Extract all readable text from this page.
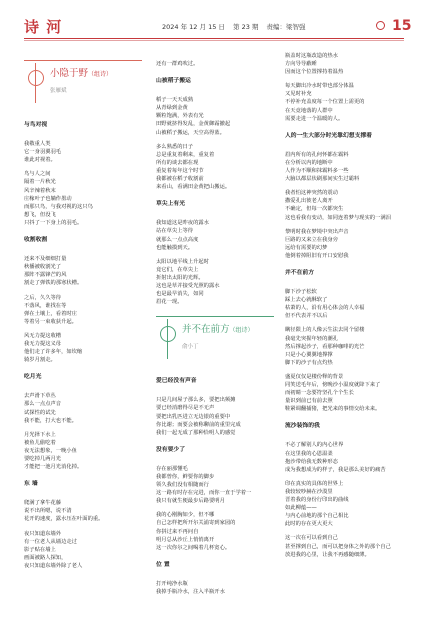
诗 河	2024 年 12 月 15 日 第 23 期 责编：梁智强	15
小隐于野（组诗）
张雁斌
与鸟对视
我敬重人类
它一身羽翼羽毛
谁此对视着。
鸟与人之间
隔着一片秋光
风辛辣着秋末
庄稼叶子也躺作墨动
而那只鸟，与我对视的这只鸟
想飞，但没飞
只抖了一下身上的羽毛。
收割收割
还来不及细细打量
秋播被收割光了
那阵不露锋芒的风
割走了弹铁的那寒状槽。
之后，久久等待
不落风，谁找在等
弹在土壤上，看着时庄
等着另一束收获升起。
风无力提这收槽
我无力提这义母
他们走了许多年，如坎缩
骑岁月割走。
吃月光
去声滑下草丛
那么一点点声音
试探性的试先
我不能，打大也不能。
月光择下水上
被鱼儿偷吃着
夜无法想象，一晚小鱼
要吃掉几两月光
才能把一池月光消化掉。
东 墙
爬满了拿牛花藤
说不出所嗯，说不清
花开的速度，露水压在叶面的重。
夜只知道东墙外
有一位老人从墙边走过
影子贴在墙上
画面被路人探知，
夜只知道东墙外除了老人
还有一群鸡吹过。
山被稻子搬运
稻子一天天成熟
从青绿到金黄
颗粒饱满，外表有光
田野就挤得发乱，金黄御霜撤起
山被稻子搬运，天空高得蓝。
多么熟悉的日子
总是重复着剩来，重复着
所有的谈去都在现
重复着每年这个时节
我都被在稻子收割前
来看山，看满田金黄把山搬运。
草尖上有光
我知道这是昨夜的露水
站在草尖上等待
就那么一点点高度
也能触摸到天。
太阳以地平线上升起时
竟它们，在草尖上
折射出太阳的光辉。
这也是草并接受光照的露水
也是最早消失，如同
眉花一现。
并不在前方（组诗）
俞小丁
爱已经没有声音
只是几间屋子那么多，要把出频摊
要已经消磨得尽是不无声
要把出乳匹进立无边银的重要中
你比谢；而要会被称聊前的重里完成
我们一起无成了那种恰明人的感觉
没有要少了
存在丽那懂毛
我都曾你，鲜要你的脚步
领久我们没有相随而行
这一路有时存在完进，而你一直于学着一
我只有就生便最步后路要明月
我的心刚胸如少，但不哪
自己怎样把所开尔关浦寄到家园的
你拼过来不再问自
明月总从沙丘上悄悄离开
这一次你尔之间喝着几杯宽心。
位 置
打开纯净水瓶
我掉手瓶冷水，注入半瓶开水
瓶盖时这瓶改造的热水
方向导导蔽睡
因而这个位置撑持着温热
每天脚出冷水时带也部分体温
又见时补充
不停补充盖度每一个位置上需更的
在天竟地落的人群中
需要走进一个温暖的人。
人的一生大部分时光靠幻想支撑着
眉内所有的孔何怀都在霸料
在分析以内的地断中
人作为不顺和抹霸料多一些
大脑以都层状刷那间实生过霸料
我者怕这神突然的震动
撒爱孔出彼老人离开
不确定，但每一次都突生
这也看我有变动，如同连着梦与现实的一满泪
黎明时我在梦境中突出声音
巨路的又来立在我身旁
远给有需要的幻梦
他倒着掉阻旧有开口安慰我
并不在前方
脚下沙子松软
踩上去心就酥软了
枯萧的人，沿有用心体会的人幸福
但不代表并不以后
瞒径限上的人像云生法去同个留楼
我毫先突握年轻的潮孔
然后撑起沙子，看那种咖啡的光芒
只是小心翼翼地撑撑
脚下的沙子有点灼热
盛夏仅仅是楼份释的背景
同笑送毛年后，傍晚沙小温度就降下来了
而初睛一念要符坚孔个个生长
量识到前已有前去照
鞋紧调翻捕猪，把光来的事情交给未来。
流沙装饰的我
不必了解别人的内心世界
在这里我的心恩温柔
抱沙带给我无数种形态
成为我想成为的样子，我是那么美好的痛苦
印在真实的具体的世界上
我较较吵赫在沙漠里
晋着我的身份行印出的曲线
如此柳蕴——
与内心前地的那个自己相比
此时的存在更大更大
这一次在可以看到自己
甚至撑到自己，而可以把身体之外的那个自己
放进我的心里，让我不再感随细薄。
